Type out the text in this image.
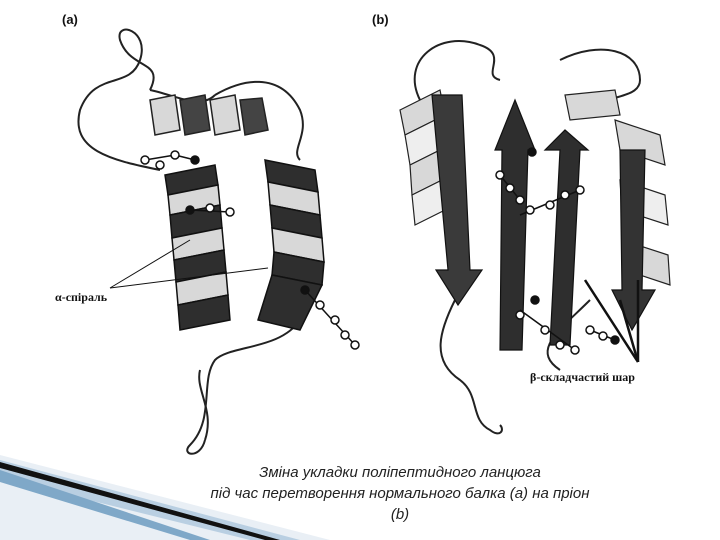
(a)	(b)
α-спіраль
β-складчастий шар
Зміна укладки поліпептидного ланцюга
під час перетворення нормального балка (a) на пріон
(b)
